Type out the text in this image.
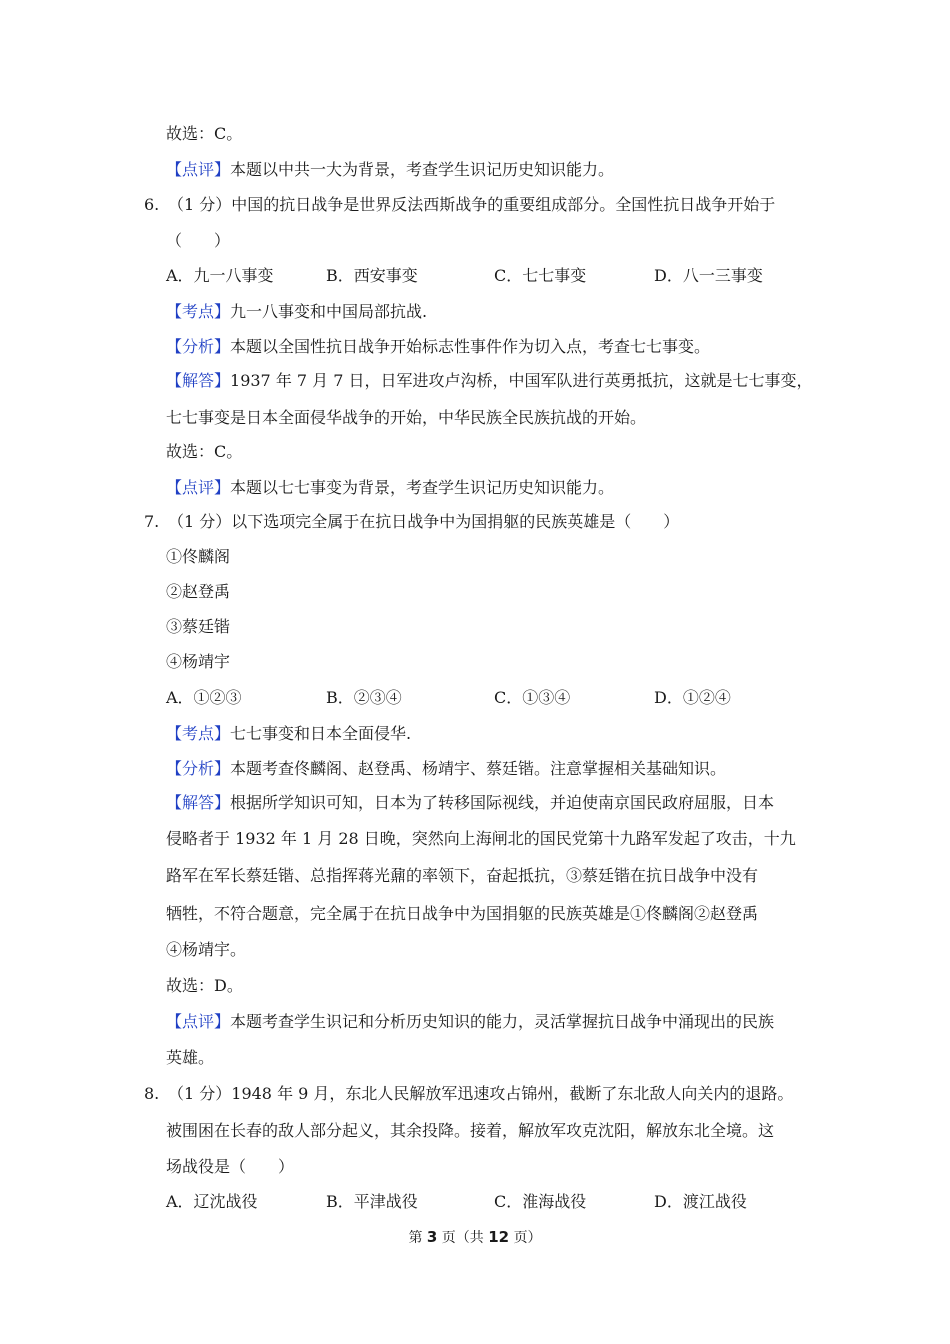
故选：C。
【点评】本题以中共一大为背景，考查学生识记历史知识能力。
6. （1 分）中国的抗日战争是世界反法西斯战争的重要组成部分。全国性抗日战争开始于
（　　）
A．九一八事变	B．西安事变	C．七七事变	D．八一三事变
【考点】九一八事变和中国局部抗战.
【分析】本题以全国性抗日战争开始标志性事件作为切入点，考查七七事变。
【解答】1937 年 7 月 7 日，日军进攻卢沟桥，中国军队进行英勇抵抗，这就是七七事变，
七七事变是日本全面侵华战争的开始，中华民族全民族抗战的开始。
故选：C。
【点评】本题以七七事变为背景，考查学生识记历史知识能力。
7. （1 分）以下选项完全属于在抗日战争中为国捐躯的民族英雄是（　　）
①佟麟阁
②赵登禹
③蔡廷锴
④杨靖宇
A．①②③	B．②③④	C．①③④	D．①②④
【考点】七七事变和日本全面侵华.
【分析】本题考查佟麟阁、赵登禹、杨靖宇、蔡廷锴。注意掌握相关基础知识。
【解答】根据所学知识可知，日本为了转移国际视线，并迫使南京国民政府屈服，日本
侵略者于 1932 年 1 月 28 日晚，突然向上海闸北的国民党第十九路军发起了攻击，十九
路军在军长蔡廷锴、总指挥蒋光鼐的率领下，奋起抵抗，③蔡廷锴在抗日战争中没有
牺牲，不符合题意，完全属于在抗日战争中为国捐躯的民族英雄是①佟麟阁②赵登禹
④杨靖宇。
故选：D。
【点评】本题考查学生识记和分析历史知识的能力，灵活掌握抗日战争中涌现出的民族
英雄。
8. （1 分）1948 年 9 月，东北人民解放军迅速攻占锦州，截断了东北敌人向关内的退路。
被围困在长春的敌人部分起义，其余投降。接着，解放军攻克沈阳，解放东北全境。这
场战役是（　　）
A．辽沈战役	B．平津战役	C．淮海战役	D．渡江战役
第 3 页（共 12 页）
